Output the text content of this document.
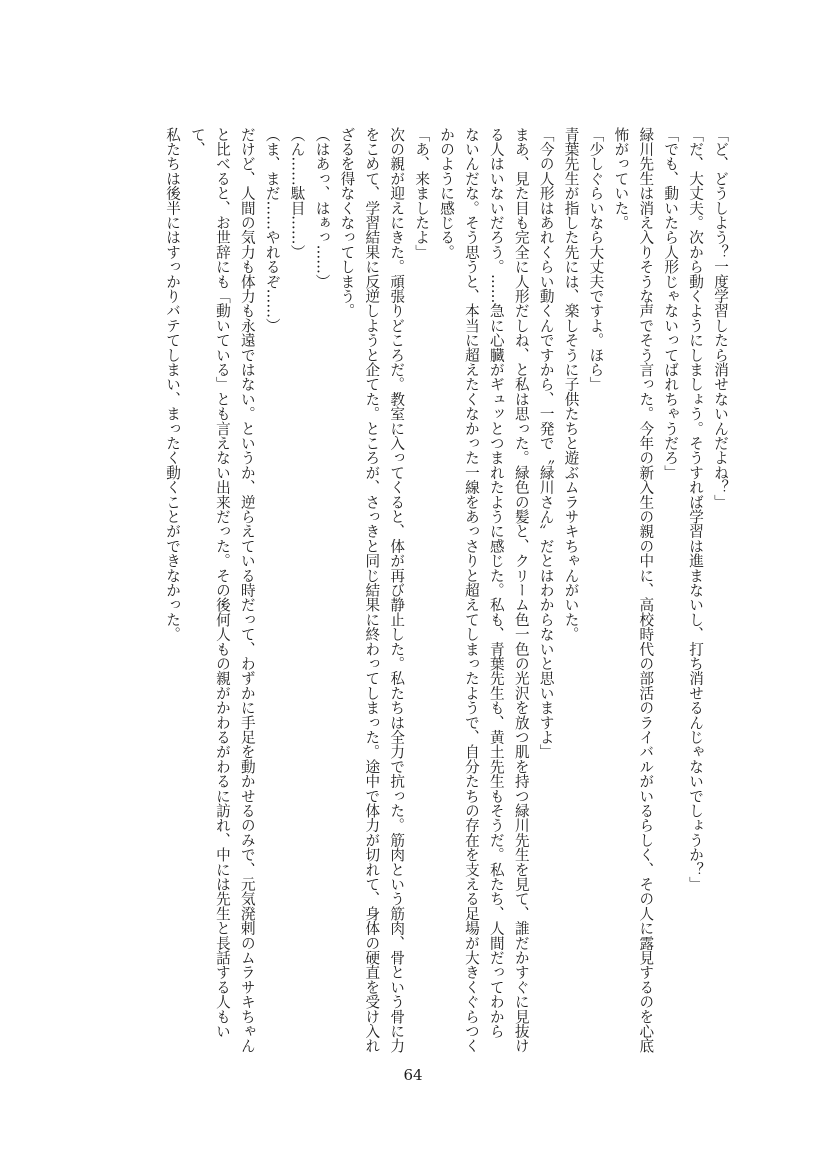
「ど、どうしよう？一度学習したら消せないんだよね？」

「だ、大丈夫。次から動くようにしましょう。そうすれば学習は進まないし、打ち消せるんじゃないでしょうか？」

「でも、動いたら人形じゃないってばれちゃうだろ」

緑川先生は消え入りそうな声でそう言った。今年の新入生の親の中に、高校時代の部活のライバルがいるらしく、その人に露見するのを心底

怖がっていた。

「少しぐらいなら大丈夫ですよ。ほら」

青葉先生が指した先には、楽しそうに子供たちと遊ぶムラサキちゃんがいた。

「今の人形はあれくらい動くんですから、一発で〝緑川さん〟だとはわからないと思いますよ」

まあ、見た目も完全に人形だしね、と私は思った。緑色の髪と、クリーム色一色の光沢を放つ肌を持つ緑川先生を見て、誰だかすぐに見抜け

る人はいないだろう。……急に心臓がギュッとつまれたように感じた。私も、青葉先生も、黄土先生もそうだ。私たち、人間だってわから

ないんだな。そう思うと、本当に超えたくなかった一線をあっさりと超えてしまったようで、自分たちの存在を支える足場が大きくぐらつく

かのように感じる。

「あ、来ましたよ」

次の親が迎えにきた。頑張りどころだ。教室に入ってくると、体が再び静止した。私たちは全力で抗った。筋肉という筋肉、骨という骨に力

をこめて、学習結果に反逆しようと企てた。ところが、さっきと同じ結果に終わってしまった。途中で体力が切れて、身体の硬直を受け入れ

ざるを得なくなってしまう。

（はあっ、はぁっ……）

（ん……駄目……）

（ま、まだ……やれるぞ……）

だけど、人間の気力も体力も永遠ではない。というか、逆らえている時だって、わずかに手足を動かせるのみで、元気溌剌のムラサキちゃん

と比べると、お世辞にも「動いている」とも言えない出来だった。その後何人もの親がかわるがわるに訪れ、中には先生と長話する人もいて、

私たちは後半にはすっかりバテてしまい、まったく動くことができなかった。

64
